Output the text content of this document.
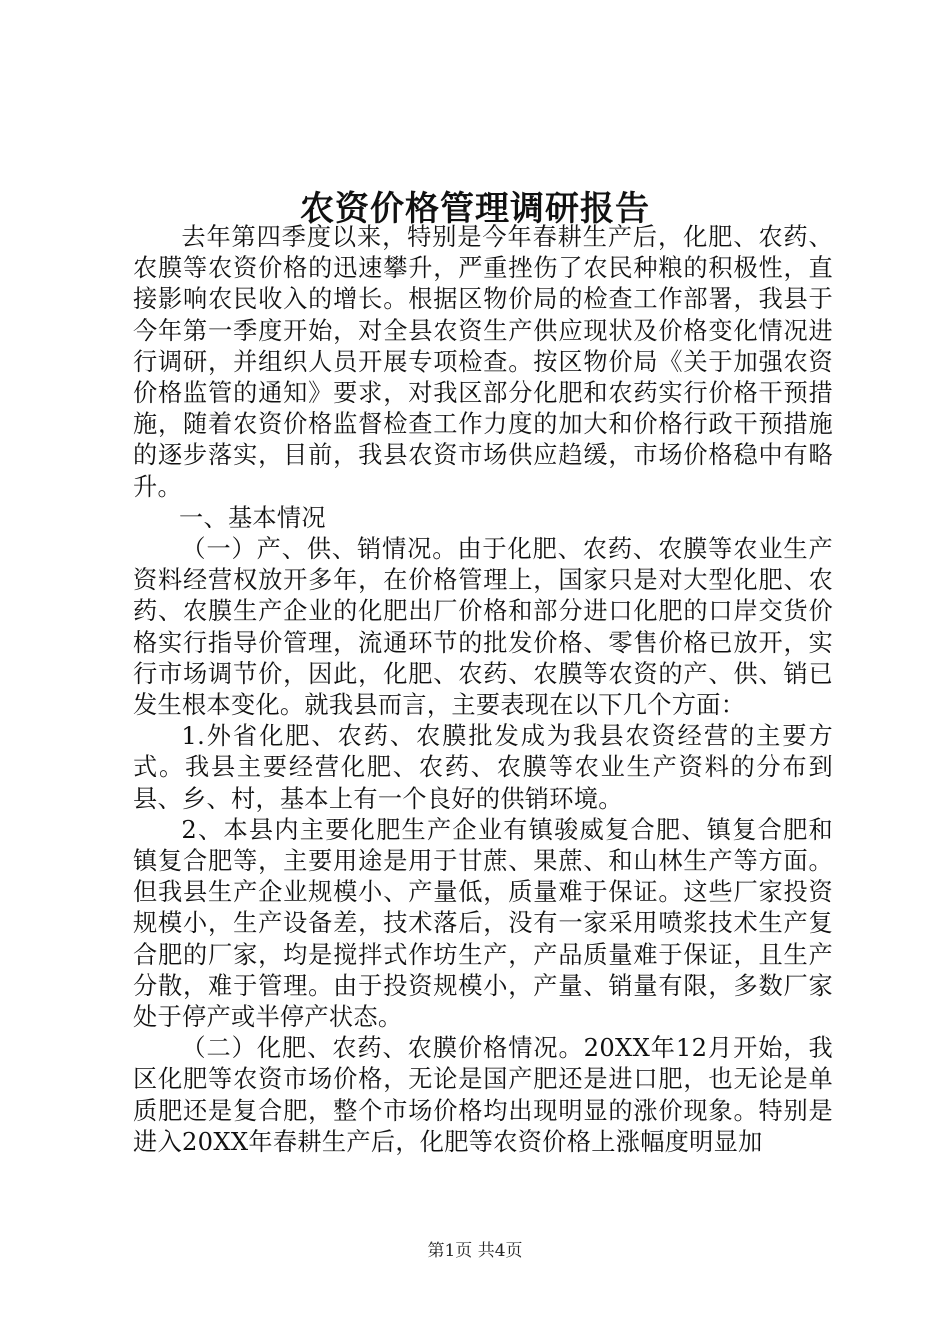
农资价格管理调研报告

去年第四季度以来，特别是今年春耕生产后，化肥、农药、农膜等农资价格的迅速攀升，严重挫伤了农民种粮的积极性，直接影响农民收入的增长。根据区物价局的检查工作部署，我县于今年第一季度开始，对全县农资生产供应现状及价格变化情况进行调研，并组织人员开展专项检查。按区物价局《关于加强农资价格监管的通知》要求，对我区部分化肥和农药实行价格干预措施，随着农资价格监督检查工作力度的加大和价格行政干预措施的逐步落实，目前，我县农资市场供应趋缓，市场价格稳中有略升。

一、基本情况

（一）产、供、销情况。由于化肥、农药、农膜等农业生产资料经营权放开多年，在价格管理上，国家只是对大型化肥、农药、农膜生产企业的化肥出厂价格和部分进口化肥的口岸交货价格实行指导价管理，流通环节的批发价格、零售价格已放开，实行市场调节价，因此，化肥、农药、农膜等农资的产、供、销已发生根本变化。就我县而言，主要表现在以下几个方面：

1.外省化肥、农药、农膜批发成为我县农资经营的主要方式。我县主要经营化肥、农药、农膜等农业生产资料的分布到县、乡、村，基本上有一个良好的供销环境。

2、本县内主要化肥生产企业有镇骏威复合肥、镇复合肥和镇复合肥等，主要用途是用于甘蔗、果蔗、和山林生产等方面。但我县生产企业规模小、产量低，质量难于保证。这些厂家投资规模小，生产设备差，技术落后，没有一家采用喷浆技术生产复合肥的厂家，均是搅拌式作坊生产，产品质量难于保证，且生产分散，难于管理。由于投资规模小，产量、销量有限，多数厂家处于停产或半停产状态。

（二）化肥、农药、农膜价格情况。20XX年12月开始，我区化肥等农资市场价格，无论是国产肥还是进口肥，也无论是单质肥还是复合肥，整个市场价格均出现明显的涨价现象。特别是进入20XX年春耕生产后，化肥等农资价格上涨幅度明显加

第1页 共4页
